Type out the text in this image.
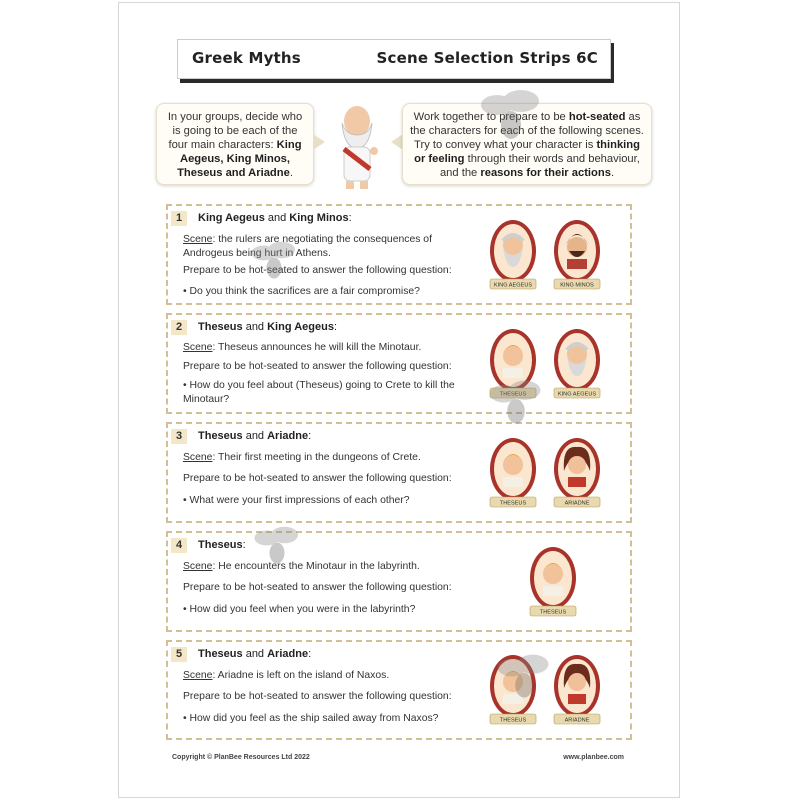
Greek Myths	Scene Selection Strips 6C
In your groups, decide who is going to be each of the four main characters: King Aegeus, King Minos, Theseus and Ariadne.
Work together to prepare to be hot-seated as the characters for each of the following scenes. Try to convey what your character is thinking or feeling through their words and behaviour, and the reasons for their actions.
1	King Aegeus and King Minos:
Scene: the rulers are negotiating the consequences of Androgeus being hurt in Athens.
Prepare to be hot-seated to answer the following question:
• Do you think the sacrifices are a fair compromise?
KING AEGEUS	KING MINOS
2	Theseus and King Aegeus:
Scene: Theseus announces he will kill the Minotaur.
Prepare to be hot-seated to answer the following question:
• How do you feel about (Theseus) going to Crete to kill the Minotaur?	THESEUS	KING AEGEUS
3	Theseus and Ariadne:
Scene: Their first meeting in the dungeons of Crete.
Prepare to be hot-seated to answer the following question:
• What were your first impressions of each other?	THESEUS	ARIADNE
4	Theseus:
Scene: He encounters the Minotaur in the labyrinth.
Prepare to be hot-seated to answer the following question:
• How did you feel when you were in the labyrinth?	THESEUS
5	Theseus and Ariadne:
Scene: Ariadne is left on the island of Naxos.
Prepare to be hot-seated to answer the following question:
• How did you feel as the ship sailed away from Naxos?	THESEUS	ARIADNE
Copyright © PlanBee Resources Ltd 2022	www.planbee.com
